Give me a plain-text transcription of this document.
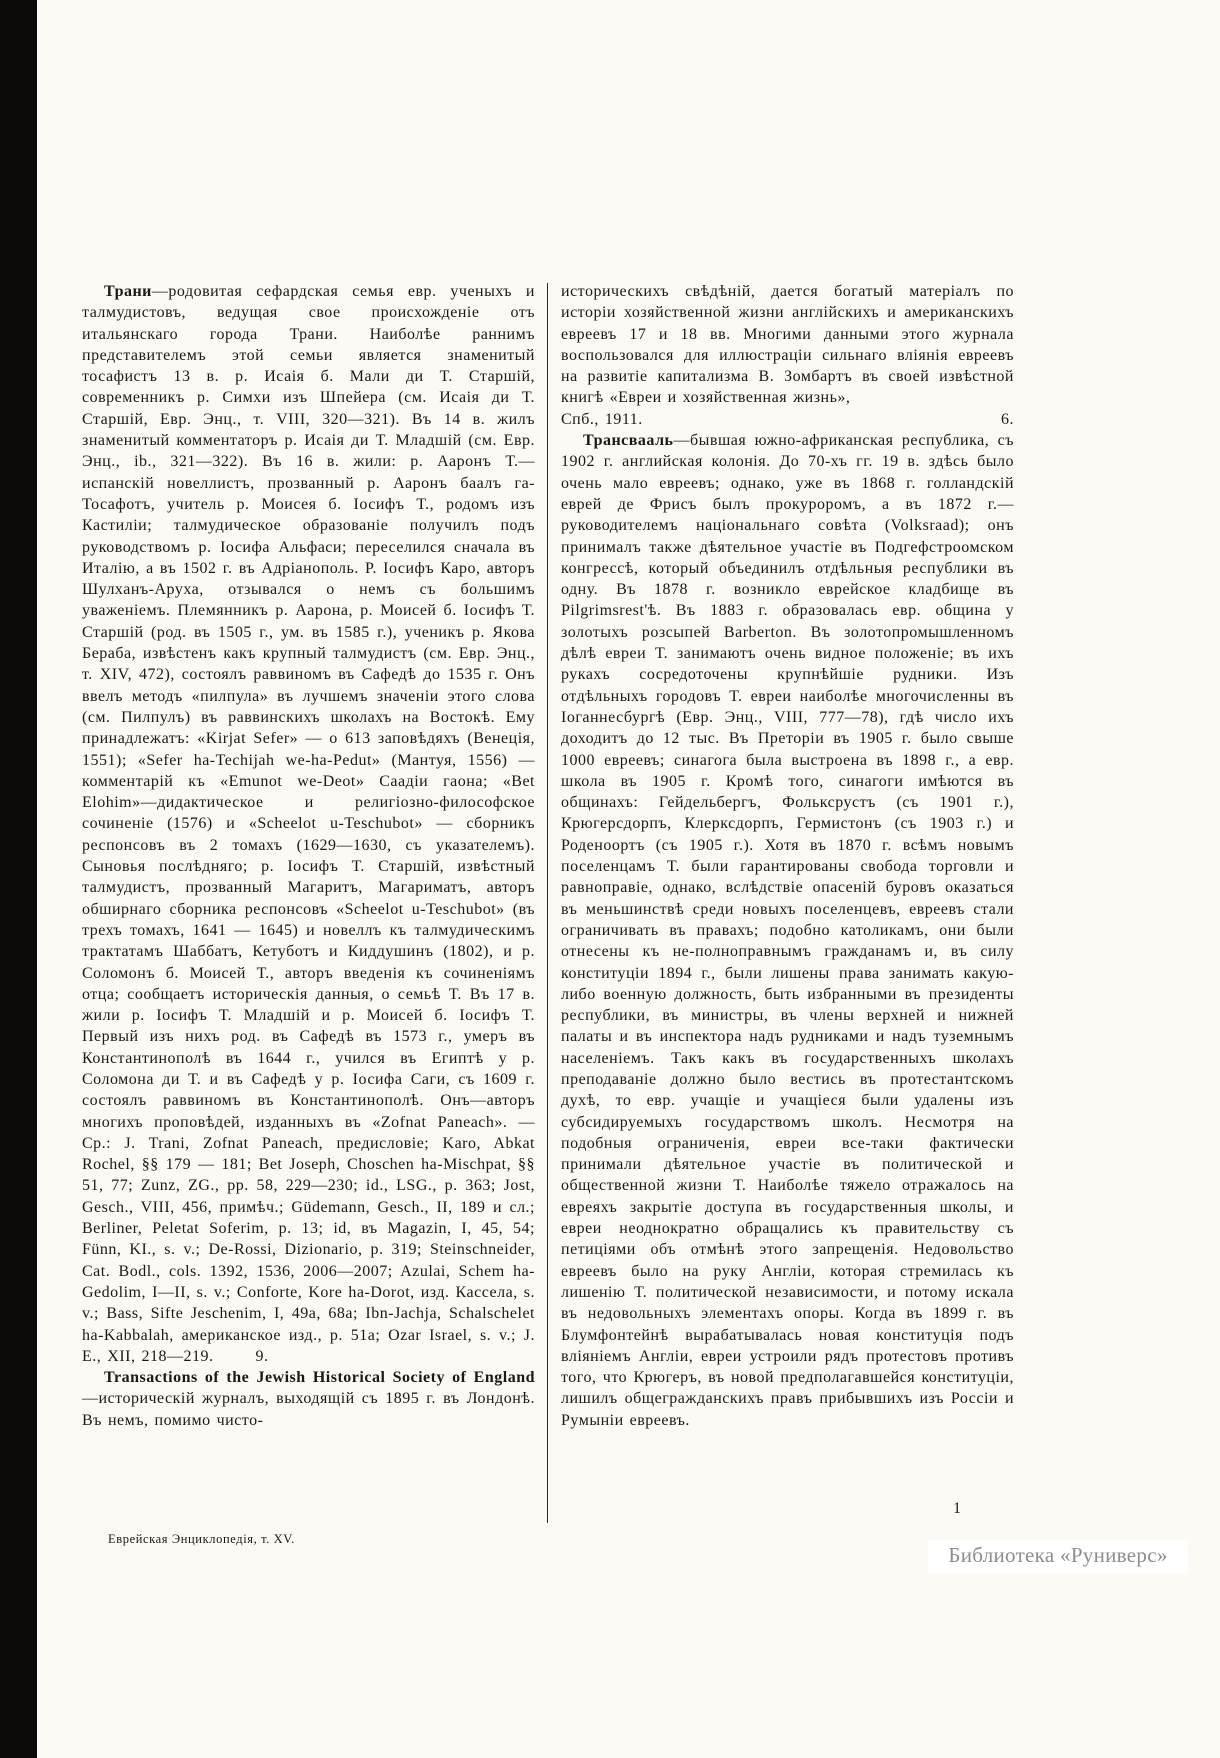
Трани—родовитая сефардская семья евр. ученыхъ и талмудистовъ, ведущая свое происхожденіе отъ итальянскаго города Трани. Наиболѣе раннимъ представителемъ этой семьи является знаменитый тосафистъ 13 в. р. Исаія б. Мали ди Т. Старшій, современникъ р. Симхи изъ Шпейера (см. Исаія ди Т. Старшій, Евр. Энц., т. VIII, 320—321). Въ 14 в. жилъ знаменитый комментаторъ р. Исаія ди Т. Младшій (см. Евр. Энц., ib., 321—322). Въ 16 в. жили: р. Ааронъ Т.—испанскій новеллистъ, прозванный р. Ааронъ баалъ га-Тосафотъ, учитель р. Моисея б. Іосифъ Т., родомъ изъ Кастиліи; талмудическое образованіе получилъ подъ руководствомъ р. Іосифа Альфаси; переселился сначала въ Италію, а въ 1502 г. въ Адріанополь. Р. Іосифъ Каро, авторъ Шулханъ-Аруха, отзывался о немъ съ большимъ уваженіемъ. Племянникъ р. Аарона, р. Моисей б. Іосифъ Т. Старшій (род. въ 1505 г., ум. въ 1585 г.), ученикъ р. Якова Бераба, извѣстенъ какъ крупный талмудистъ (см. Евр. Энц., т. XIV, 472), состоялъ раввиномъ въ Сафедѣ до 1535 г. Онъ ввелъ методъ «пилпула» въ лучшемъ значеніи этого слова (см. Пилпулъ) въ раввинскихъ школахъ на Востокѣ. Ему принадлежатъ: «Kirjat Sefer» — о 613 заповѣдяхъ (Венеція, 1551); «Sefer ha-Techijah we-ha-Pedut» (Мантуя, 1556) — комментарій къ «Emunot we-Deot» Саадіи гаона; «Bet Elohim»—дидактическое и религіозно-философское сочиненіе (1576) и «Scheelot u-Teschubot» — сборникъ респонсовъ въ 2 томахъ (1629—1630, съ указателемъ). Сыновья послѣдняго; р. Іосифъ Т. Старшій, извѣстный талмудистъ, прозванный Магаритъ, Магариматъ, авторъ обширнаго сборника респонсовъ «Scheelot u-Teschubot» (въ трехъ томахъ, 1641 — 1645) и новеллъ къ талмудическимъ трактатамъ Шаббатъ, Кетуботъ и Киддушинъ (1802), и р. Соломонъ б. Моисей Т., авторъ введенія къ сочиненіямъ отца; сообщаетъ историческія данныя, о семьѣ Т. Въ 17 в. жили р. Іосифъ Т. Младшій и р. Моисей б. Іосифъ Т. Первый изъ нихъ род. въ Сафедѣ въ 1573 г., умеръ въ Константинополѣ въ 1644 г., учился въ Египтѣ у р. Соломона ди Т. и въ Сафедѣ у р. Іосифа Саги, съ 1609 г. состоялъ раввиномъ въ Константинополѣ. Онъ—авторъ многихъ проповѣдей, изданныхъ въ «Zofnat Paneach». — Ср.: J. Trani, Zofnat Paneach, предисловіе; Karo, Abkat Rochel, §§ 179 — 181; Bet Joseph, Choschen ha-Mischpat, §§ 51, 77; Zunz, ZG., pp. 58, 229—230; id., LSG., p. 363; Jost, Gesch., VIII, 456, примѣч.; Güdemann, Gesch., II, 189 и сл.; Berliner, Peletat Soferim, p. 13; id, въ Magazin, I, 45, 54; Fünn, KI., s. v.; De-Rossi, Dizionario, p. 319; Steinschneider, Cat. Bodl., cols. 1392, 1536, 2006—2007; Azulai, Schem ha-Gedolim, I—II, s. v.; Conforte, Kore ha-Dorot, изд. Кассела, s. v.; Bass, Sifte Jeschenim, I, 49a, 68a; Ibn-Jachja, Schalschelet ha-Kabbalah, американское изд., p. 51a; Ozar Israel, s. v.; J. E., XII, 218—219.	9.

Transactions of the Jewish Historical Society of England—историческій журналъ, выходящій съ 1895 г. въ Лондонѣ. Въ немъ, помимо чисто-

историческихъ свѣдѣній, дается богатый матеріалъ по исторіи хозяйственной жизни англійскихъ и американскихъ евреевъ 17 и 18 вв. Многими данными этого журнала воспользовался для иллюстраціи сильнаго вліянія евреевъ на развитіе капитализма В. Зомбартъ въ своей извѣстной книгѣ «Евреи и хозяйственная жизнь»,

Спб., 1911.	6.

Трансвааль—бывшая южно-африканская республика, съ 1902 г. английская колонія. До 70-хъ гг. 19 в. здѣсь было очень мало евреевъ; однако, уже въ 1868 г. голландскій еврей де Фрисъ былъ прокуроромъ, а въ 1872 г.—руководителемъ національнаго совѣта (Volksraad); онъ принималъ также дѣятельное участіе въ Подгефстроомском конгрессѣ, который объединилъ отдѣльныя республики въ одну. Въ 1878 г. возникло еврейское кладбище въ Pilgrimsrest'ѣ. Въ 1883 г. образовалась евр. община у золотыхъ розсыпей Barberton. Въ золотопромышленномъ дѣлѣ евреи Т. занимаютъ очень видное положеніе; въ ихъ рукахъ сосредоточены крупнѣйшіе рудники. Изъ отдѣльныхъ городовъ Т. евреи наиболѣе многочисленны въ Іоганнесбургѣ (Евр. Энц., VIII, 777—78), гдѣ число ихъ доходитъ до 12 тыс. Въ Преторіи въ 1905 г. было свыше 1000 евреевъ; синагога была выстроена въ 1898 г., а евр. школа въ 1905 г. Кромѣ того, синагоги имѣются въ общинахъ: Гейдельбергъ, Фольксрустъ (съ 1901 г.), Крюгерсдорпъ, Клерксдорпъ, Гермистонъ (съ 1903 г.) и Роденоортъ (съ 1905 г.). Хотя въ 1870 г. всѣмъ новымъ поселенцамъ Т. были гарантированы свобода торговли и равноправіе, однако, вслѣдствіе опасеній буровъ оказаться въ меньшинствѣ среди новыхъ поселенцевъ, евреевъ стали ограничивать въ правахъ; подобно католикамъ, они были отнесены къ не-полноправнымъ гражданамъ и, въ силу конституціи 1894 г., были лишены права занимать какую-либо военную должность, быть избранными въ президенты республики, въ министры, въ члены верхней и нижней палаты и въ инспектора надъ рудниками и надъ туземнымъ населеніемъ. Такъ какъ въ государственныхъ школахъ преподаваніе должно было вестись въ протестантскомъ духѣ, то евр. учащіе и учащіеся были удалены изъ субсидируемыхъ государствомъ школъ. Несмотря на подобныя ограниченія, евреи все-таки фактически принимали дѣятельное участіе въ политической и общественной жизни Т. Наиболѣе тяжело отражалось на евреяхъ закрытіе доступа въ государственныя школы, и евреи неоднократно обращались къ правительству съ петиціями объ отмѣнѣ этого запрещенія. Недовольство евреевъ было на руку Англіи, которая стремилась къ лишенію Т. политической независимости, и потому искала въ недовольныхъ элементахъ опоры. Когда въ 1899 г. въ Блумфонтейнѣ вырабатывалась новая конституція подъ вліяніемъ Англіи, евреи устроили рядъ протестовъ противъ того, что Крюгеръ, въ новой предполагавшейся конституціи, лишилъ общегражданскихъ правъ прибывшихъ изъ Россіи и Румыніи евреевъ.

Еврейская Энциклопедія, т. XV.
1
Библиотека «Руниверс»
